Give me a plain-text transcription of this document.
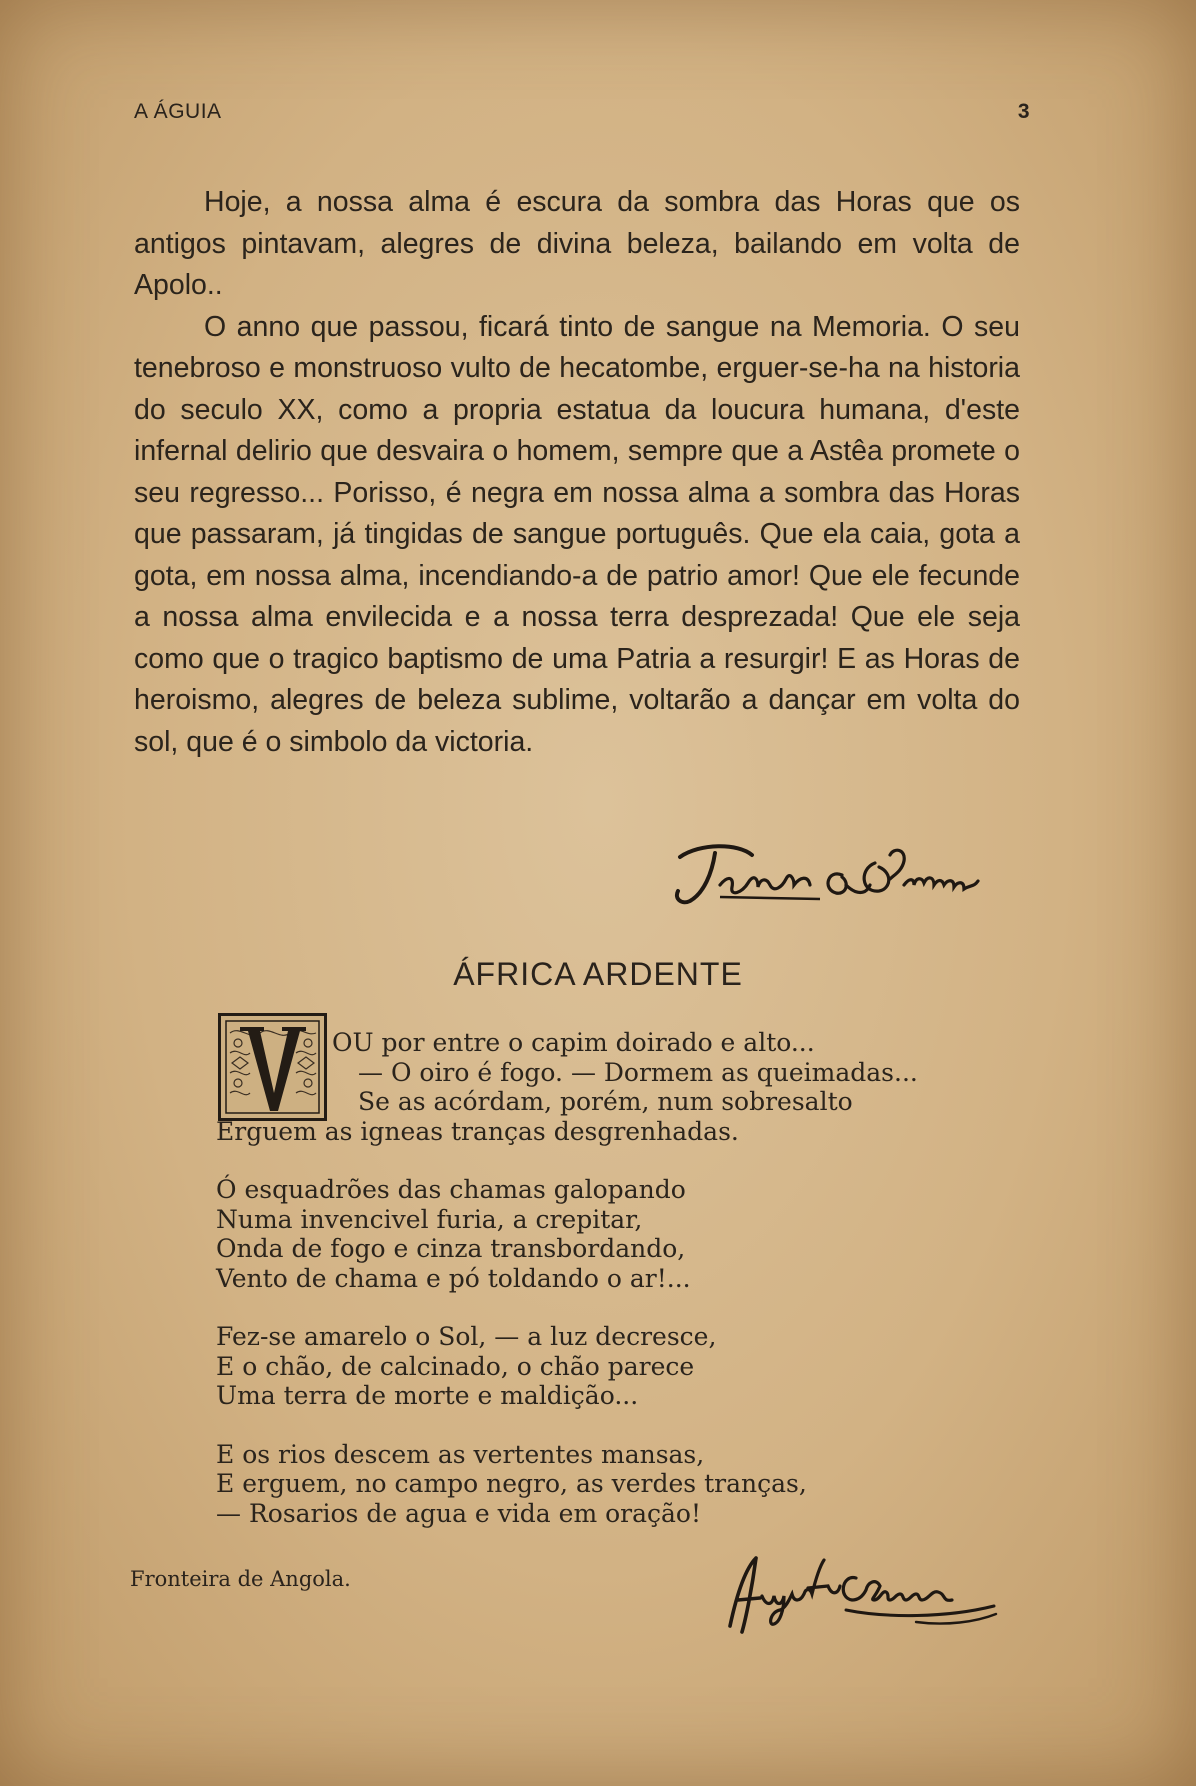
A ÁGUIA	3

Hoje, a nossa alma é escura da sombra das Horas que os antigos pintavam, alegres de divina beleza, bailando em volta de Apolo..

O anno que passou, ficará tinto de sangue na Memoria. O seu tenebroso e monstruoso vulto de hecatombe, erguer-se-ha na historia do seculo XX, como a propria estatua da loucura humana, d'este infernal delirio que desvaira o homem, sempre que a Astêa promete o seu regresso... Porisso, é negra em nossa alma a sombra das Horas que passaram, já tingidas de sangue português. Que ela caia, gota a gota, em nossa alma, incendiando-a de patrio amor! Que ele fecunde a nossa alma envilecida e a nossa terra desprezada! Que ele seja como que o tragico baptismo de uma Patria a resurgir! E as Horas de heroismo, alegres de beleza sublime, voltarão a dançar em volta do sol, que é o simbolo da victoria.

ÁFRICA ARDENTE
OU por entre o capim doirado e alto...
— O oiro é fogo. — Dormem as queimadas...
Se as acórdam, porém, num sobresalto
Erguem as igneas tranças desgrenhadas.
Ó esquadrões das chamas galopando
Numa invencivel furia, a crepitar,
Onda de fogo e cinza transbordando,
Vento de chama e pó toldando o ar!...
Fez-se amarelo o Sol, — a luz decresce,
E o chão, de calcinado, o chão parece
Uma terra de morte e maldição...
E os rios descem as vertentes mansas,
E erguem, no campo negro, as verdes tranças,
— Rosarios de agua e vida em oração!
Fronteira de Angola.
